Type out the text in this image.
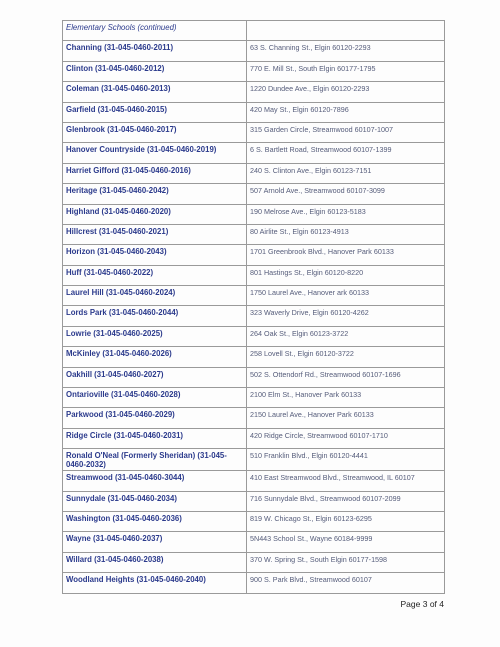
Elementary Schools (continued)	
Channing (31-045-0460-2011)	63 S. Channing St., Elgin 60120-2293
Clinton (31-045-0460-2012)	770 E. Mill St., South Elgin 60177-1795
Coleman (31-045-0460-2013)	1220 Dundee Ave., Elgin 60120-2293
Garfield (31-045-0460-2015)	420 May St., Elgin 60120-7896
Glenbrook (31-045-0460-2017)	315 Garden Circle, Streamwood 60107-1007
Hanover Countryside (31-045-0460-2019)	6 S. Bartlett Road, Streamwood 60107-1399
Harriet Gifford (31-045-0460-2016)	240 S. Clinton Ave., Elgin 60123-7151
Heritage (31-045-0460-2042)	507 Arnold Ave., Streamwood 60107-3099
Highland (31-045-0460-2020)	190 Melrose Ave., Elgin 60123-5183
Hillcrest (31-045-0460-2021)	80 Airlite St., Elgin 60123-4913
Horizon (31-045-0460-2043)	1701 Greenbrook Blvd., Hanover Park 60133
Huff (31-045-0460-2022)	801 Hastings St., Elgin 60120-8220
Laurel Hill (31-045-0460-2024)	1750 Laurel Ave., Hanover ark 60133
Lords Park (31-045-0460-2044)	323 Waverly Drive, Elgin 60120-4262
Lowrie (31-045-0460-2025)	264 Oak St., Elgin 60123-3722
McKinley (31-045-0460-2026)	258 Lovell St., Elgin 60120-3722
Oakhill (31-045-0460-2027)	502 S. Ottendorf Rd., Streamwood 60107-1696
Ontarioville (31-045-0460-2028)	2100 Elm St., Hanover Park 60133
Parkwood (31-045-0460-2029)	2150 Laurel Ave., Hanover Park 60133
Ridge Circle (31-045-0460-2031)	420 Ridge Circle, Streamwood 60107-1710
Ronald O'Neal (Formerly Sheridan) (31-045-0460-2032)	510 Franklin Blvd., Elgin 60120-4441
Streamwood (31-045-0460-3044)	410 East Streamwood Blvd., Streamwood, IL 60107
Sunnydale (31-045-0460-2034)	716 Sunnydale Blvd., Streamwood 60107-2099
Washington (31-045-0460-2036)	819 W. Chicago St., Elgin 60123-6295
Wayne (31-045-0460-2037)	5N443 School St., Wayne 60184-9999
Willard (31-045-0460-2038)	370 W. Spring St., South Elgin 60177-1598
Woodland Heights (31-045-0460-2040)	900 S. Park Blvd., Streamwood 60107
Page 3 of 4
